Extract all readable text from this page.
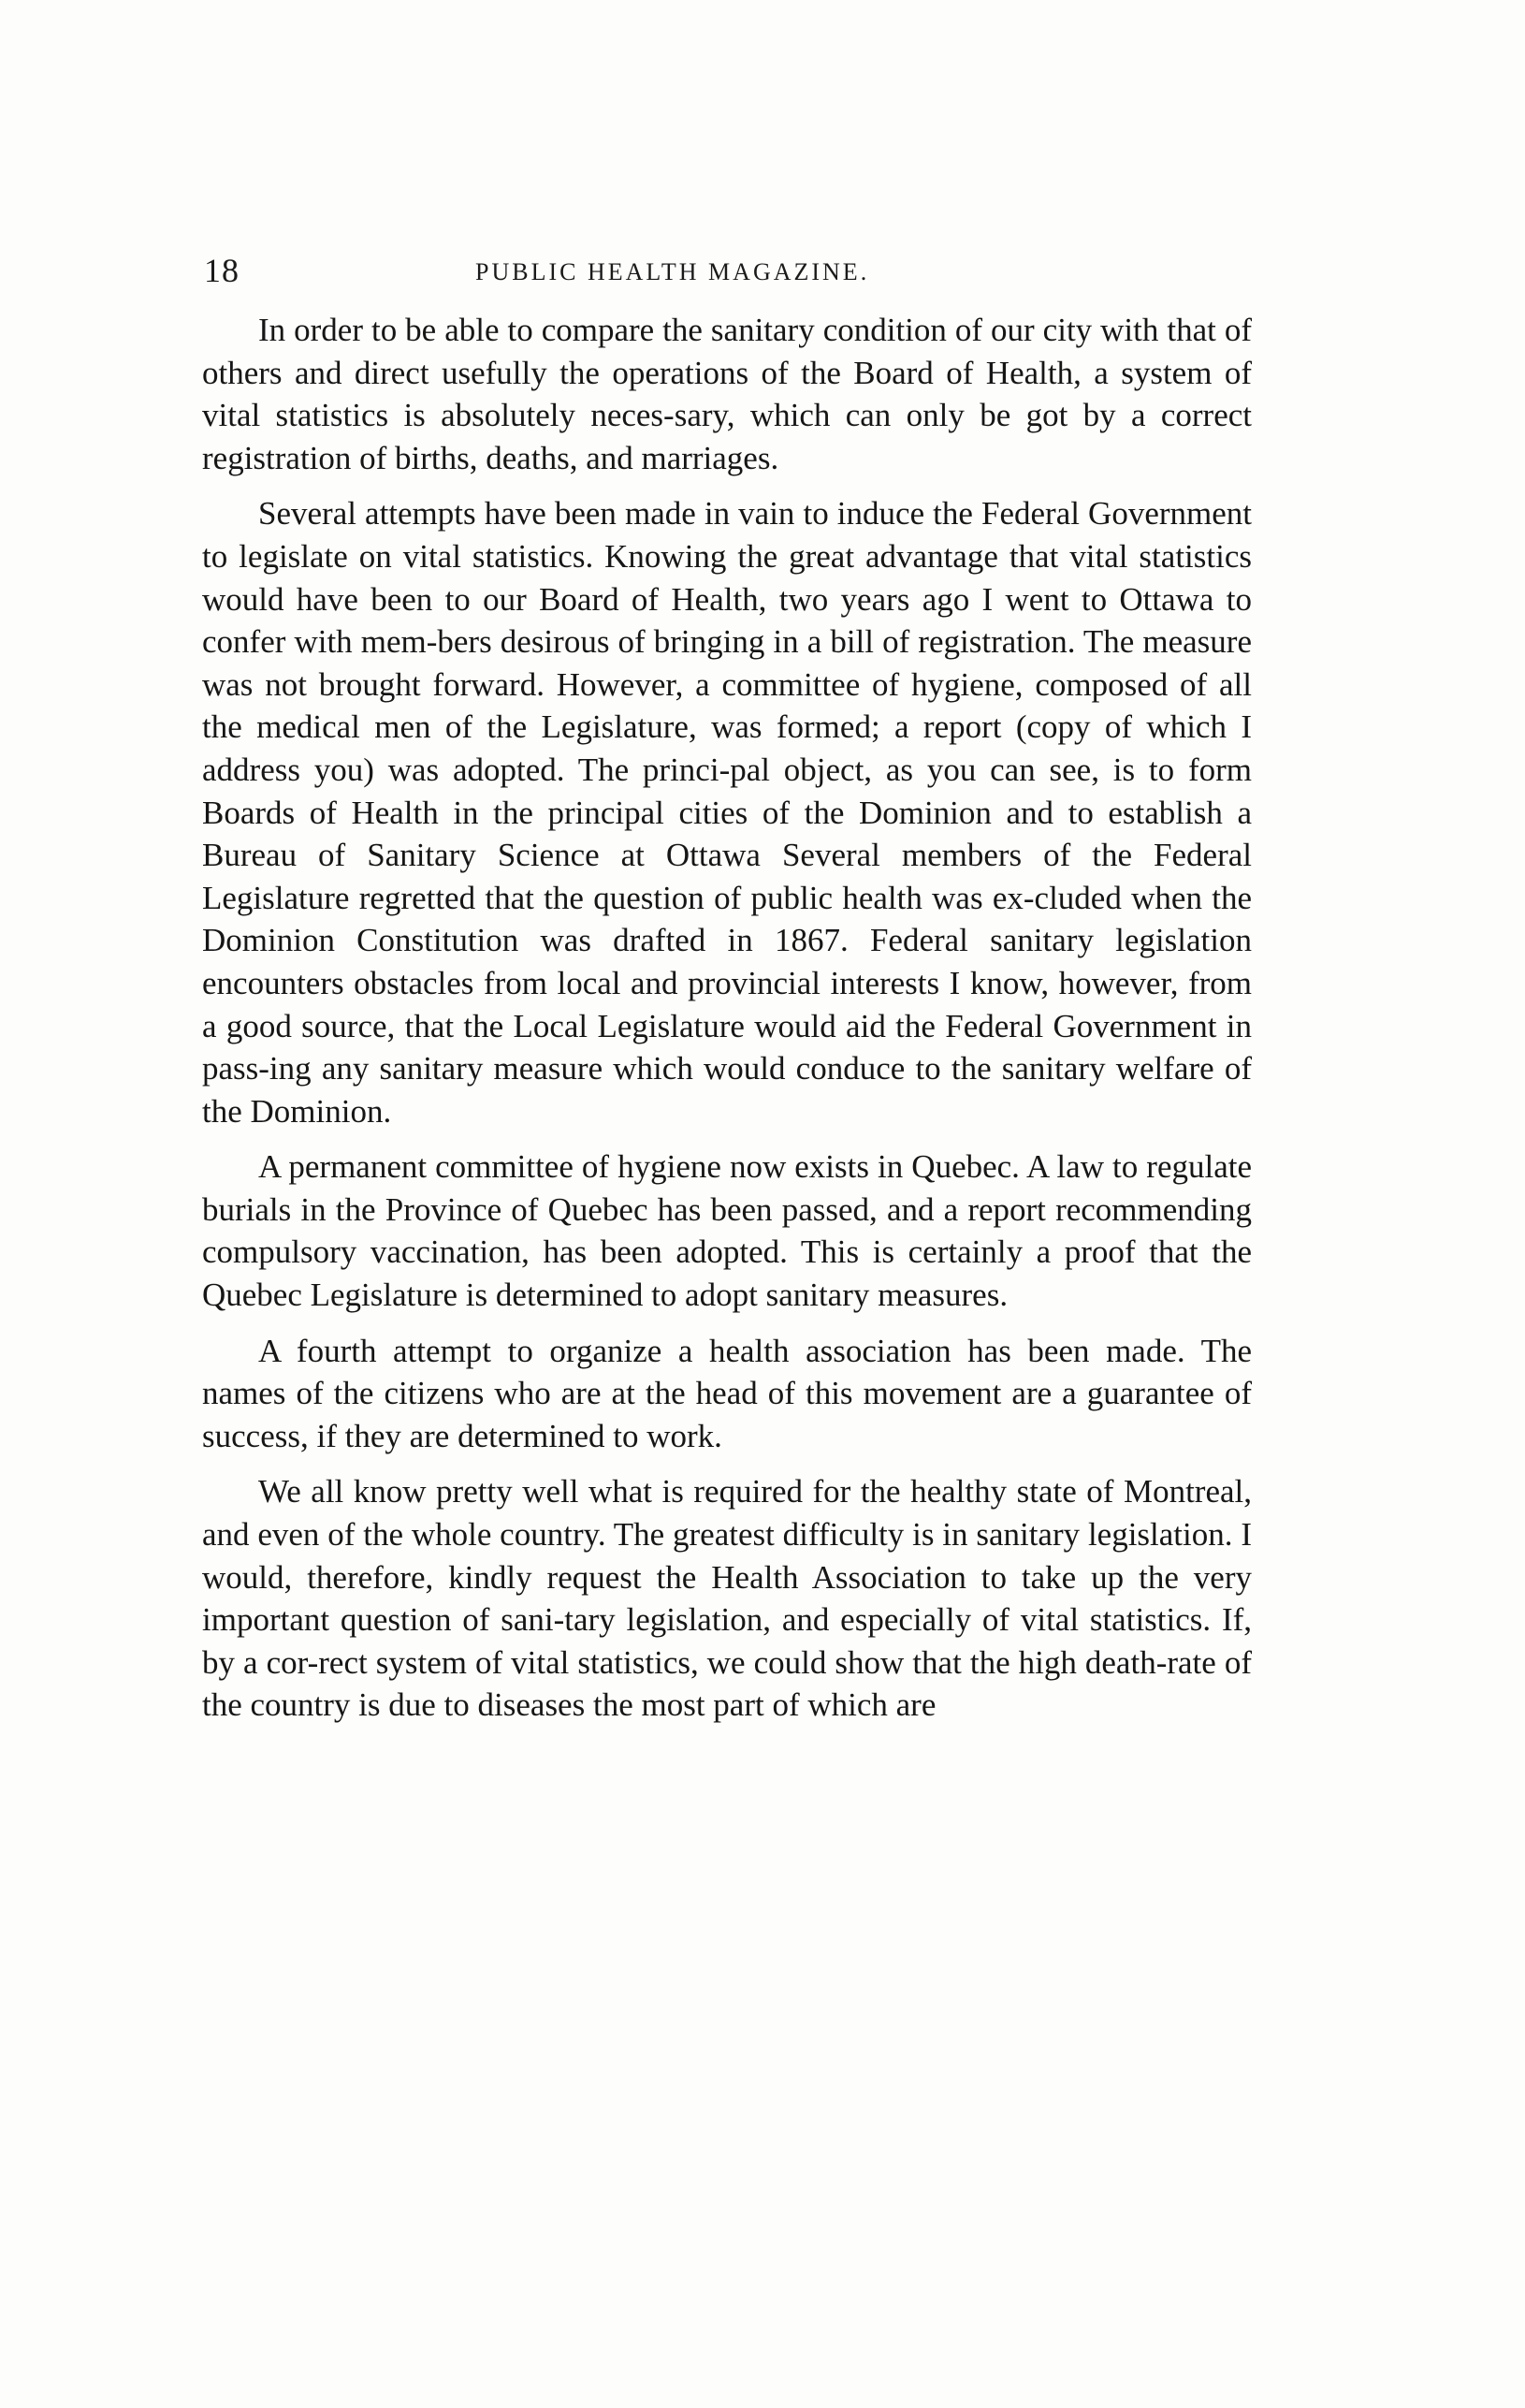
18	PUBLIC HEALTH MAGAZINE.

In order to be able to compare the sanitary condition of our city with that of others and direct usefully the operations of the Board of Health, a system of vital statistics is absolutely neces-sary, which can only be got by a correct registration of births, deaths, and marriages.

Several attempts have been made in vain to induce the Federal Government to legislate on vital statistics. Knowing the great advantage that vital statistics would have been to our Board of Health, two years ago I went to Ottawa to confer with mem-bers desirous of bringing in a bill of registration. The measure was not brought forward. However, a committee of hygiene, composed of all the medical men of the Legislature, was formed; a report (copy of which I address you) was adopted. The princi-pal object, as you can see, is to form Boards of Health in the principal cities of the Dominion and to establish a Bureau of Sanitary Science at Ottawa Several members of the Federal Legislature regretted that the question of public health was ex-cluded when the Dominion Constitution was drafted in 1867. Federal sanitary legislation encounters obstacles from local and provincial interests I know, however, from a good source, that the Local Legislature would aid the Federal Government in pass-ing any sanitary measure which would conduce to the sanitary welfare of the Dominion.

A permanent committee of hygiene now exists in Quebec. A law to regulate burials in the Province of Quebec has been passed, and a report recommending compulsory vaccination, has been adopted. This is certainly a proof that the Quebec Legislature is determined to adopt sanitary measures.

A fourth attempt to organize a health association has been made. The names of the citizens who are at the head of this movement are a guarantee of success, if they are determined to work.

We all know pretty well what is required for the healthy state of Montreal, and even of the whole country. The greatest difficulty is in sanitary legislation. I would, therefore, kindly request the Health Association to take up the very important question of sani-tary legislation, and especially of vital statistics. If, by a cor-rect system of vital statistics, we could show that the high death-rate of the country is due to diseases the most part of which are
